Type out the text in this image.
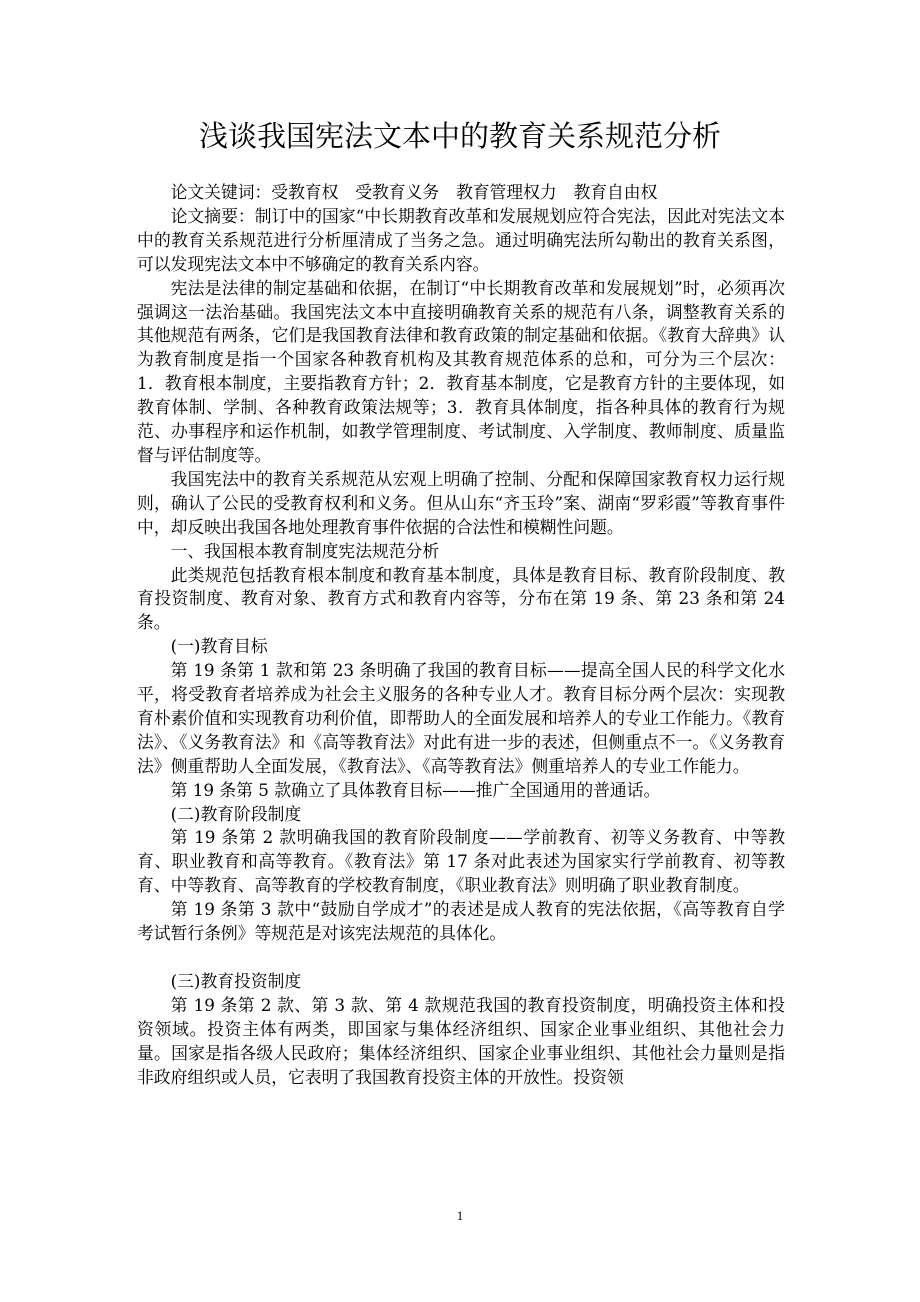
浅谈我国宪法文本中的教育关系规范分析

论文关键词：受教育权 受教育义务 教育管理权力 教育自由权

论文摘要：制订中的国家“中长期教育改革和发展规划应符合宪法，因此对宪法文本中的教育关系规范进行分析厘清成了当务之急。通过明确宪法所勾勒出的教育关系图，可以发现宪法文本中不够确定的教育关系内容。

宪法是法律的制定基础和依据，在制订“中长期教育改革和发展规划”时，必须再次强调这一法治基础。我国宪法文本中直接明确教育关系的规范有八条，调整教育关系的其他规范有两条，它们是我国教育法律和教育政策的制定基础和依据。《教育大辞典》认为教育制度是指一个国家各种教育机构及其教育规范体系的总和，可分为三个层次：1．教育根本制度，主要指教育方针；2．教育基本制度，它是教育方针的主要体现，如教育体制、学制、各种教育政策法规等；3．教育具体制度，指各种具体的教育行为规范、办事程序和运作机制，如教学管理制度、考试制度、入学制度、教师制度、质量监督与评估制度等。

我国宪法中的教育关系规范从宏观上明确了控制、分配和保障国家教育权力运行规则，确认了公民的受教育权利和义务。但从山东“齐玉玲”案、湖南“罗彩霞”等教育事件中，却反映出我国各地处理教育事件依据的合法性和模糊性问题。

一、我国根本教育制度宪法规范分析

此类规范包括教育根本制度和教育基本制度，具体是教育目标、教育阶段制度、教育投资制度、教育对象、教育方式和教育内容等，分布在第 19 条、第 23 条和第 24 条。

(一)教育目标

第 19 条第 1 款和第 23 条明确了我国的教育目标——提高全国人民的科学文化水平，将受教育者培养成为社会主义服务的各种专业人才。教育目标分两个层次：实现教育朴素价值和实现教育功利价值，即帮助人的全面发展和培养人的专业工作能力。《教育法》、《义务教育法》和《高等教育法》对此有进一步的表述，但侧重点不一。《义务教育法》侧重帮助人全面发展，《教育法》、《高等教育法》侧重培养人的专业工作能力。

第 19 条第 5 款确立了具体教育目标——推广全国通用的普通话。

(二)教育阶段制度

第 19 条第 2 款明确我国的教育阶段制度——学前教育、初等义务教育、中等教育、职业教育和高等教育。《教育法》第 17 条对此表述为国家实行学前教育、初等教育、中等教育、高等教育的学校教育制度，《职业教育法》则明确了职业教育制度。

第 19 条第 3 款中“鼓励自学成才”的表述是成人教育的宪法依据，《高等教育自学考试暂行条例》等规范是对该宪法规范的具体化。

(三)教育投资制度

第 19 条第 2 款、第 3 款、第 4 款规范我国的教育投资制度，明确投资主体和投资领域。投资主体有两类，即国家与集体经济组织、国家企业事业组织、其他社会力量。国家是指各级人民政府；集体经济组织、国家企业事业组织、其他社会力量则是指非政府组织或人员，它表明了我国教育投资主体的开放性。投资领

1
